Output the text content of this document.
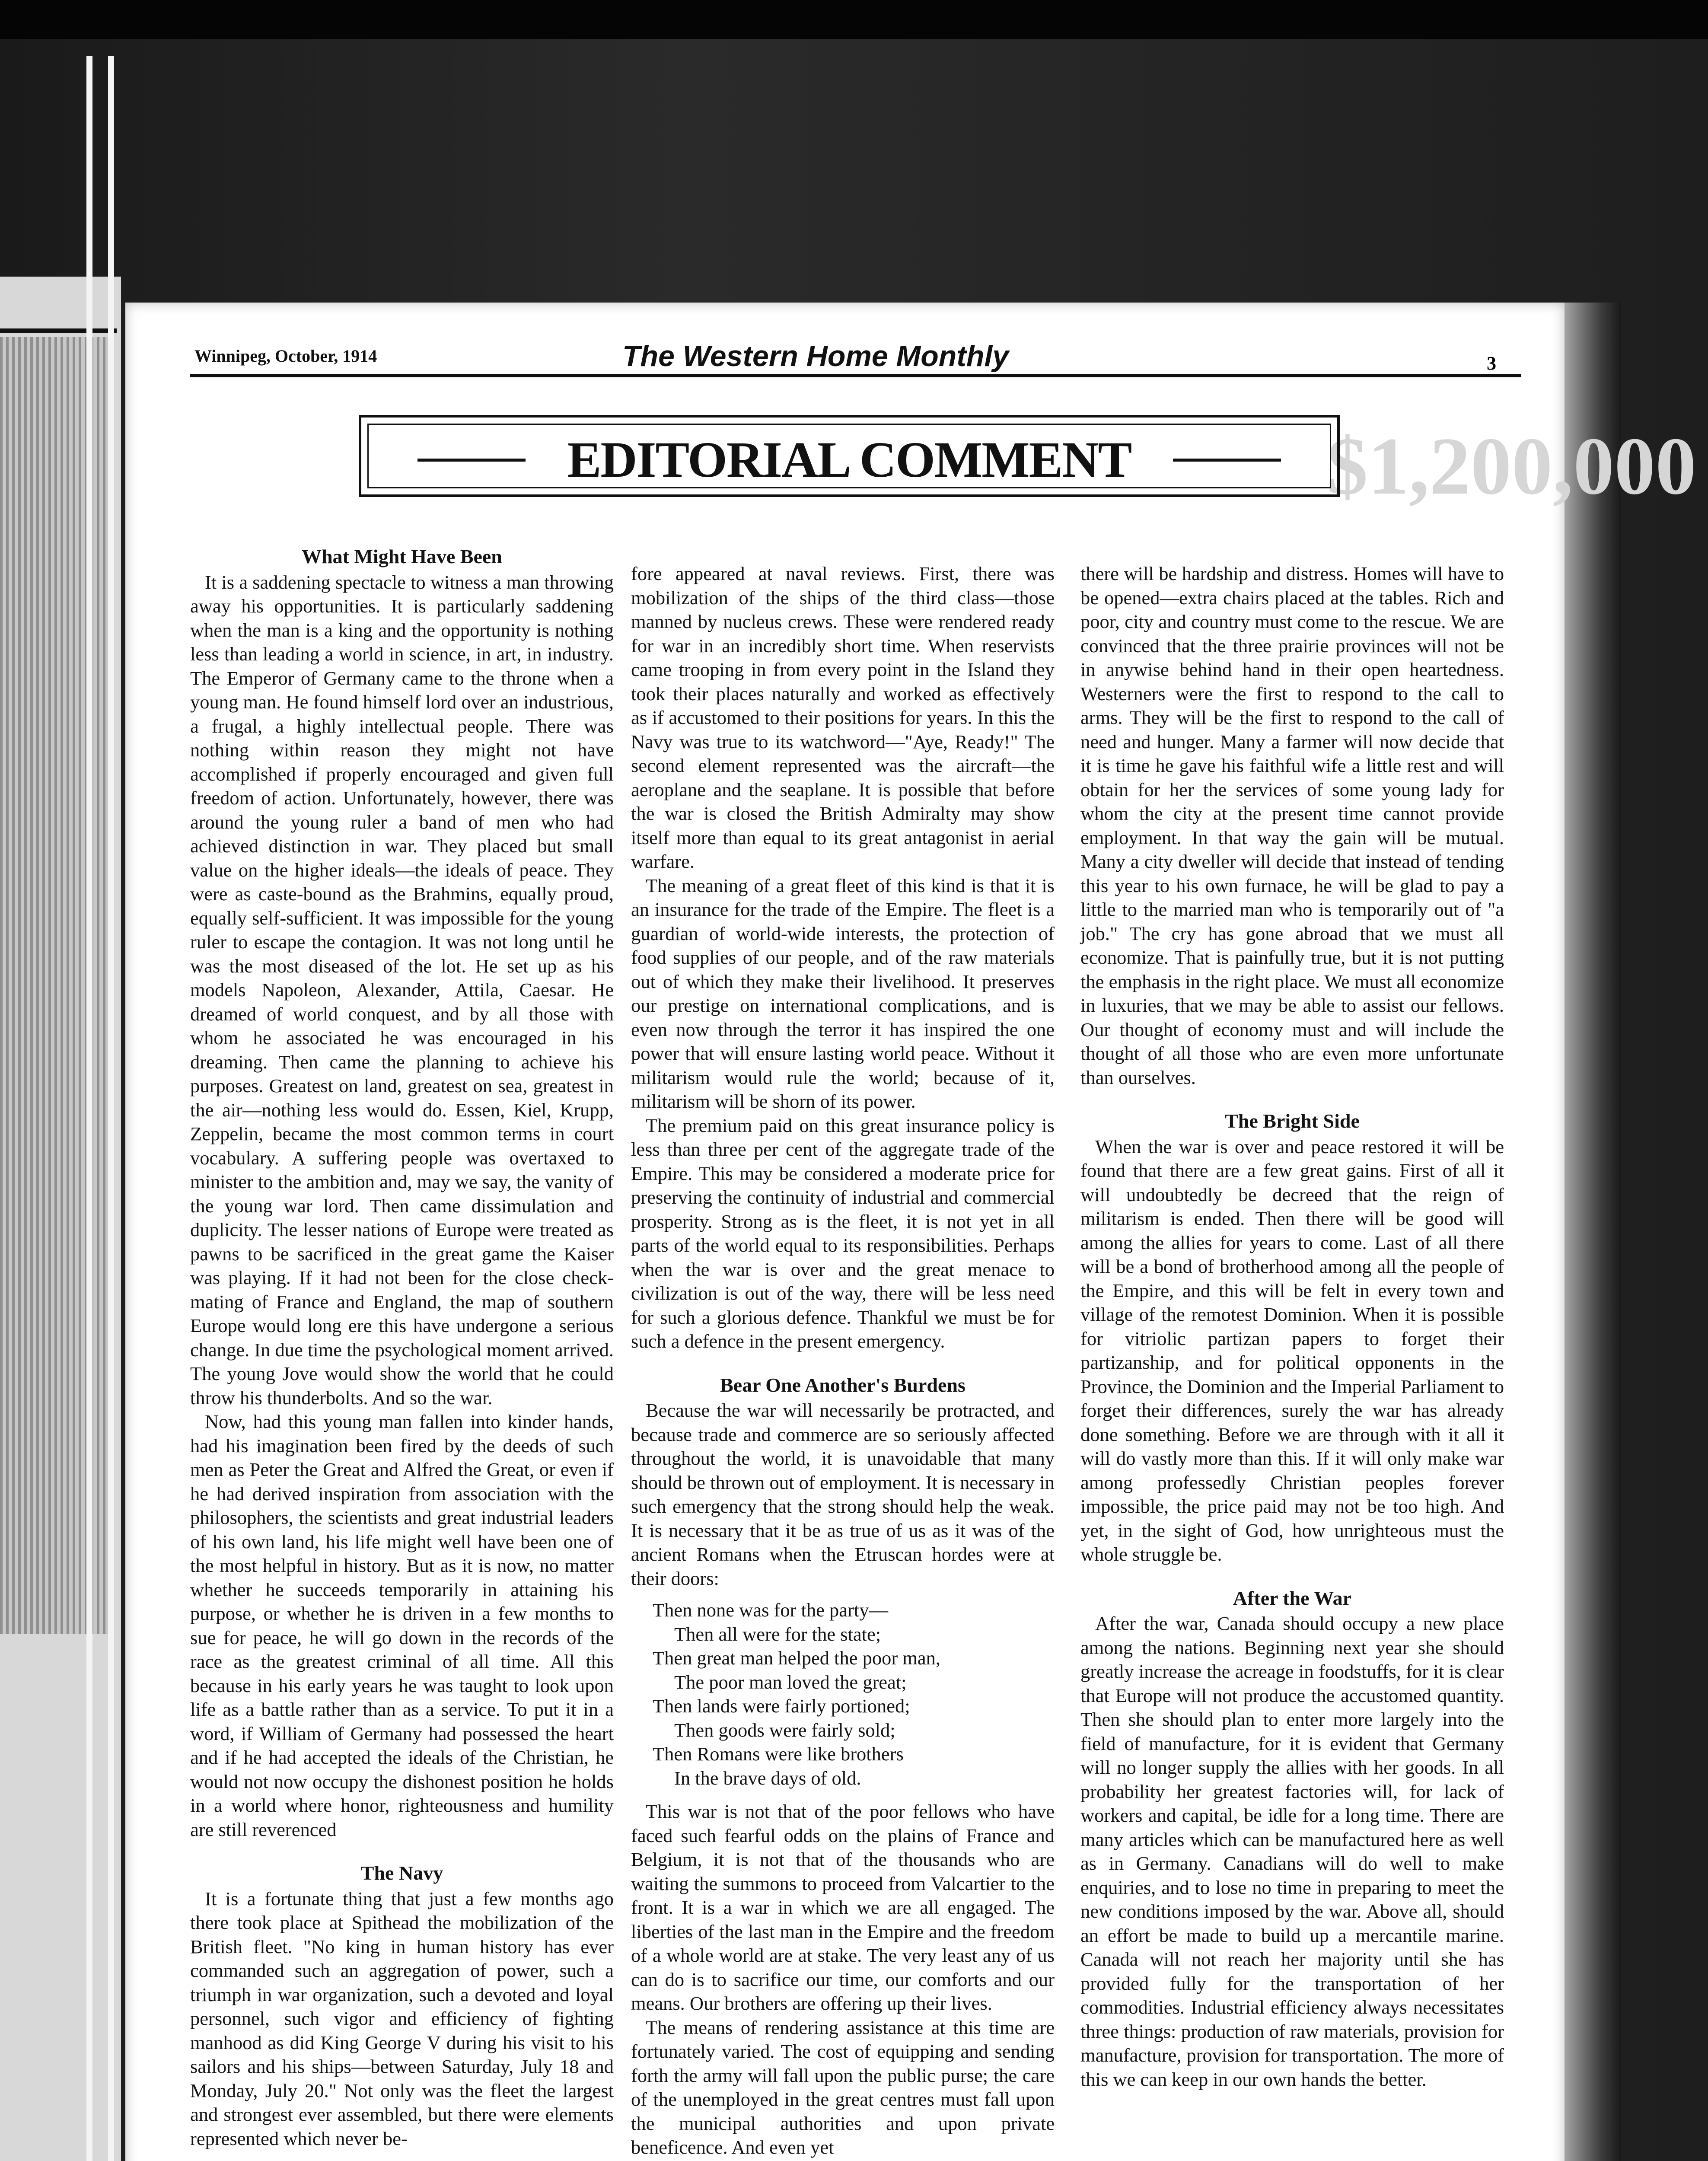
$1,200,000
Winnipeg, October, 1914	The Western Home Monthly	3
EDITORIAL COMMENT
What Might Have Been

It is a saddening spectacle to witness a man throwing away his opportunities. It is particularly saddening when the man is a king and the opportunity is nothing less than leading a world in science, in art, in industry. The Emperor of Germany came to the throne when a young man. He found himself lord over an industrious, a frugal, a highly intellectual people. There was nothing within reason they might not have accomplished if properly encouraged and given full freedom of action. Unfortunately, however, there was around the young ruler a band of men who had achieved distinction in war. They placed but small value on the higher ideals—the ideals of peace. They were as caste-bound as the Brahmins, equally proud, equally self-sufficient. It was impossible for the young ruler to escape the contagion. It was not long until he was the most diseased of the lot. He set up as his models Napoleon, Alexander, Attila, Caesar. He dreamed of world conquest, and by all those with whom he associated he was encouraged in his dreaming. Then came the planning to achieve his purposes. Greatest on land, greatest on sea, greatest in the air—nothing less would do. Essen, Kiel, Krupp, Zeppelin, became the most common terms in court vocabulary. A suffering people was overtaxed to minister to the ambition and, may we say, the vanity of the young war lord. Then came dissimulation and duplicity. The lesser nations of Europe were treated as pawns to be sacrificed in the great game the Kaiser was playing. If it had not been for the close check-mating of France and England, the map of southern Europe would long ere this have undergone a serious change. In due time the psychological moment arrived. The young Jove would show the world that he could throw his thunderbolts. And so the war.

Now, had this young man fallen into kinder hands, had his imagination been fired by the deeds of such men as Peter the Great and Alfred the Great, or even if he had derived inspiration from association with the philosophers, the scientists and great industrial leaders of his own land, his life might well have been one of the most helpful in history. But as it is now, no matter whether he succeeds temporarily in attaining his purpose, or whether he is driven in a few months to sue for peace, he will go down in the records of the race as the greatest criminal of all time. All this because in his early years he was taught to look upon life as a battle rather than as a service. To put it in a word, if William of Germany had possessed the heart and if he had accepted the ideals of the Christian, he would not now occupy the dishonest position he holds in a world where honor, righteousness and humility are still reverenced

The Navy

It is a fortunate thing that just a few months ago there took place at Spithead the mobilization of the British fleet. "No king in human history has ever commanded such an aggregation of power, such a triumph in war organization, such a devoted and loyal personnel, such vigor and efficiency of fighting manhood as did King George V during his visit to his sailors and his ships—between Saturday, July 18 and Monday, July 20." Not only was the fleet the largest and strongest ever assembled, but there were elements represented which never be-

fore appeared at naval reviews. First, there was mobilization of the ships of the third class—those manned by nucleus crews. These were rendered ready for war in an incredibly short time. When reservists came trooping in from every point in the Island they took their places naturally and worked as effectively as if accustomed to their positions for years. In this the Navy was true to its watchword—"Aye, Ready!" The second element represented was the aircraft—the aeroplane and the seaplane. It is possible that before the war is closed the British Admiralty may show itself more than equal to its great antagonist in aerial warfare.

The meaning of a great fleet of this kind is that it is an insurance for the trade of the Empire. The fleet is a guardian of world-wide interests, the protection of food supplies of our people, and of the raw materials out of which they make their livelihood. It preserves our prestige on international complications, and is even now through the terror it has inspired the one power that will ensure lasting world peace. Without it militarism would rule the world; because of it, militarism will be shorn of its power.

The premium paid on this great insurance policy is less than three per cent of the aggregate trade of the Empire. This may be considered a moderate price for preserving the continuity of industrial and commercial prosperity. Strong as is the fleet, it is not yet in all parts of the world equal to its responsibilities. Perhaps when the war is over and the great menace to civilization is out of the way, there will be less need for such a glorious defence. Thankful we must be for such a defence in the present emergency.

Bear One Another's Burdens

Because the war will necessarily be protracted, and because trade and commerce are so seriously affected throughout the world, it is unavoidable that many should be thrown out of employment. It is necessary in such emergency that the strong should help the weak. It is necessary that it be as true of us as it was of the ancient Romans when the Etruscan hordes were at their doors:

Then none was for the party—
Then all were for the state;
Then great man helped the poor man,
The poor man loved the great;
Then lands were fairly portioned;
Then goods were fairly sold;
Then Romans were like brothers
In the brave days of old.

This war is not that of the poor fellows who have faced such fearful odds on the plains of France and Belgium, it is not that of the thousands who are waiting the summons to proceed from Valcartier to the front. It is a war in which we are all engaged. The liberties of the last man in the Empire and the freedom of a whole world are at stake. The very least any of us can do is to sacrifice our time, our comforts and our means. Our brothers are offering up their lives.

The means of rendering assistance at this time are fortunately varied. The cost of equipping and sending forth the army will fall upon the public purse; the care of the unemployed in the great centres must fall upon the municipal authorities and upon private beneficence. And even yet

there will be hardship and distress. Homes will have to be opened—extra chairs placed at the tables. Rich and poor, city and country must come to the rescue. We are convinced that the three prairie provinces will not be in anywise behind hand in their open heartedness. Westerners were the first to respond to the call to arms. They will be the first to respond to the call of need and hunger. Many a farmer will now decide that it is time he gave his faithful wife a little rest and will obtain for her the services of some young lady for whom the city at the present time cannot provide employment. In that way the gain will be mutual. Many a city dweller will decide that instead of tending this year to his own furnace, he will be glad to pay a little to the married man who is temporarily out of "a job." The cry has gone abroad that we must all economize. That is painfully true, but it is not putting the emphasis in the right place. We must all economize in luxuries, that we may be able to assist our fellows. Our thought of economy must and will include the thought of all those who are even more unfortunate than ourselves.

The Bright Side

When the war is over and peace restored it will be found that there are a few great gains. First of all it will undoubtedly be decreed that the reign of militarism is ended. Then there will be good will among the allies for years to come. Last of all there will be a bond of brotherhood among all the people of the Empire, and this will be felt in every town and village of the remotest Dominion. When it is possible for vitriolic partizan papers to forget their partizanship, and for political opponents in the Province, the Dominion and the Imperial Parliament to forget their differences, surely the war has already done something. Before we are through with it all it will do vastly more than this. If it will only make war among professedly Christian peoples forever impossible, the price paid may not be too high. And yet, in the sight of God, how unrighteous must the whole struggle be.

After the War

After the war, Canada should occupy a new place among the nations. Beginning next year she should greatly increase the acreage in foodstuffs, for it is clear that Europe will not produce the accustomed quantity. Then she should plan to enter more largely into the field of manufacture, for it is evident that Germany will no longer supply the allies with her goods. In all probability her greatest factories will, for lack of workers and capital, be idle for a long time. There are many articles which can be manufactured here as well as in Germany. Canadians will do well to make enquiries, and to lose no time in preparing to meet the new conditions imposed by the war. Above all, should an effort be made to build up a mercantile marine. Canada will not reach her majority until she has provided fully for the transportation of her commodities. Industrial efficiency always necessitates three things: production of raw materials, provision for manufacture, provision for transportation. The more of this we can keep in our own hands the better.
